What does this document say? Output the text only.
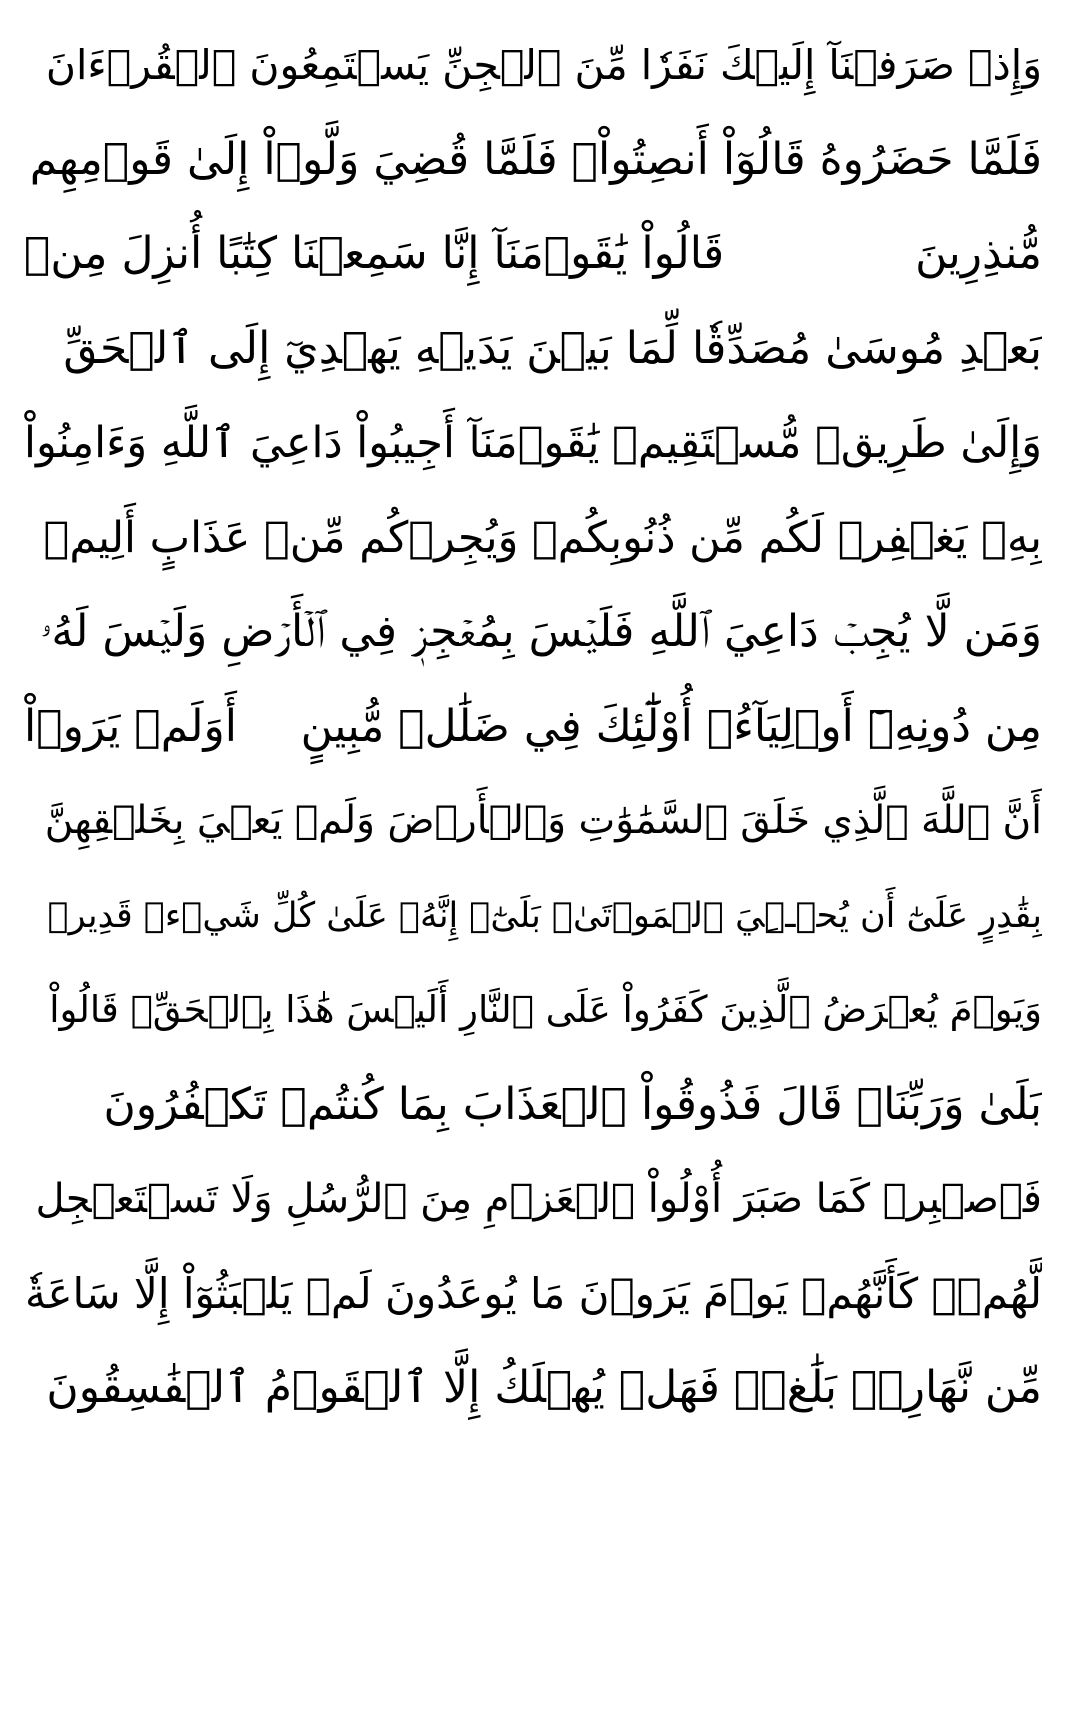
وَإِذۡ صَرَفۡنَآ إِلَيۡكَ نَفَرٗا مِّنَ ٱلۡجِنِّ يَسۡتَمِعُونَ ٱلۡقُرۡءَانَ
فَلَمَّا حَضَرُوهُ قَالُوٓاْ أَنصِتُواْۖ فَلَمَّا قُضِيَ وَلَّوۡاْ إِلَىٰ قَوۡمِهِم
مُّنذِرِينَ
قَالُواْ يَٰقَوۡمَنَآ إِنَّا سَمِعۡنَا كِتَٰبًا أُنزِلَ مِنۢ
بَعۡدِ مُوسَىٰ مُصَدِّقٗا لِّمَا بَيۡنَ يَدَيۡهِ يَهۡدِيٓ إِلَى ٱلۡحَقِّ
وَإِلَىٰ طَرِيقٖ مُّسۡتَقِيمٖ
يَٰقَوۡمَنَآ أَجِيبُواْ دَاعِيَ ٱللَّهِ وَءَامِنُواْ
بِهِۦ يَغۡفِرۡ لَكُم مِّن ذُنُوبِكُمۡ وَيُجِرۡكُم مِّنۡ عَذَابٍ أَلِيمٖ
وَمَن لَّا يُجِبۡ دَاعِيَ ٱللَّهِ فَلَيۡسَ بِمُعۡجِزٖ فِي ٱلۡأَرۡضِ وَلَيۡسَ لَهُۥ
مِن دُونِهِۦٓ أَوۡلِيَآءُۚ أُوْلَٰٓئِكَ فِي ضَلَٰلٖ مُّبِينٍ
أَوَلَمۡ يَرَوۡاْ
أَنَّ ٱللَّهَ ٱلَّذِي خَلَقَ ٱلسَّمَٰوَٰتِ وَٱلۡأَرۡضَ وَلَمۡ يَعۡيَ بِخَلۡقِهِنَّ
بِقَٰدِرٍ عَلَىٰٓ أَن يُحۡـِۧيَ ٱلۡمَوۡتَىٰۚ بَلَىٰٓۚ إِنَّهُۥ عَلَىٰ كُلِّ شَيۡءٖ قَدِيرٞ
وَيَوۡمَ يُعۡرَضُ ٱلَّذِينَ كَفَرُواْ عَلَى ٱلنَّارِ أَلَيۡسَ هَٰذَا بِٱلۡحَقِّۖ قَالُواْ
بَلَىٰ وَرَبِّنَاۚ قَالَ فَذُوقُواْ ٱلۡعَذَابَ بِمَا كُنتُمۡ تَكۡفُرُونَ
فَٱصۡبِرۡ كَمَا صَبَرَ أُوْلُواْ ٱلۡعَزۡمِ مِنَ ٱلرُّسُلِ وَلَا تَسۡتَعۡجِل
لَّهُمۡۚ كَأَنَّهُمۡ يَوۡمَ يَرَوۡنَ مَا يُوعَدُونَ لَمۡ يَلۡبَثُوٓاْ إِلَّا سَاعَةٗ
مِّن نَّهَارِۭۚ بَلَٰغٞۚ فَهَلۡ يُهۡلَكُ إِلَّا ٱلۡقَوۡمُ ٱلۡفَٰسِقُونَ
